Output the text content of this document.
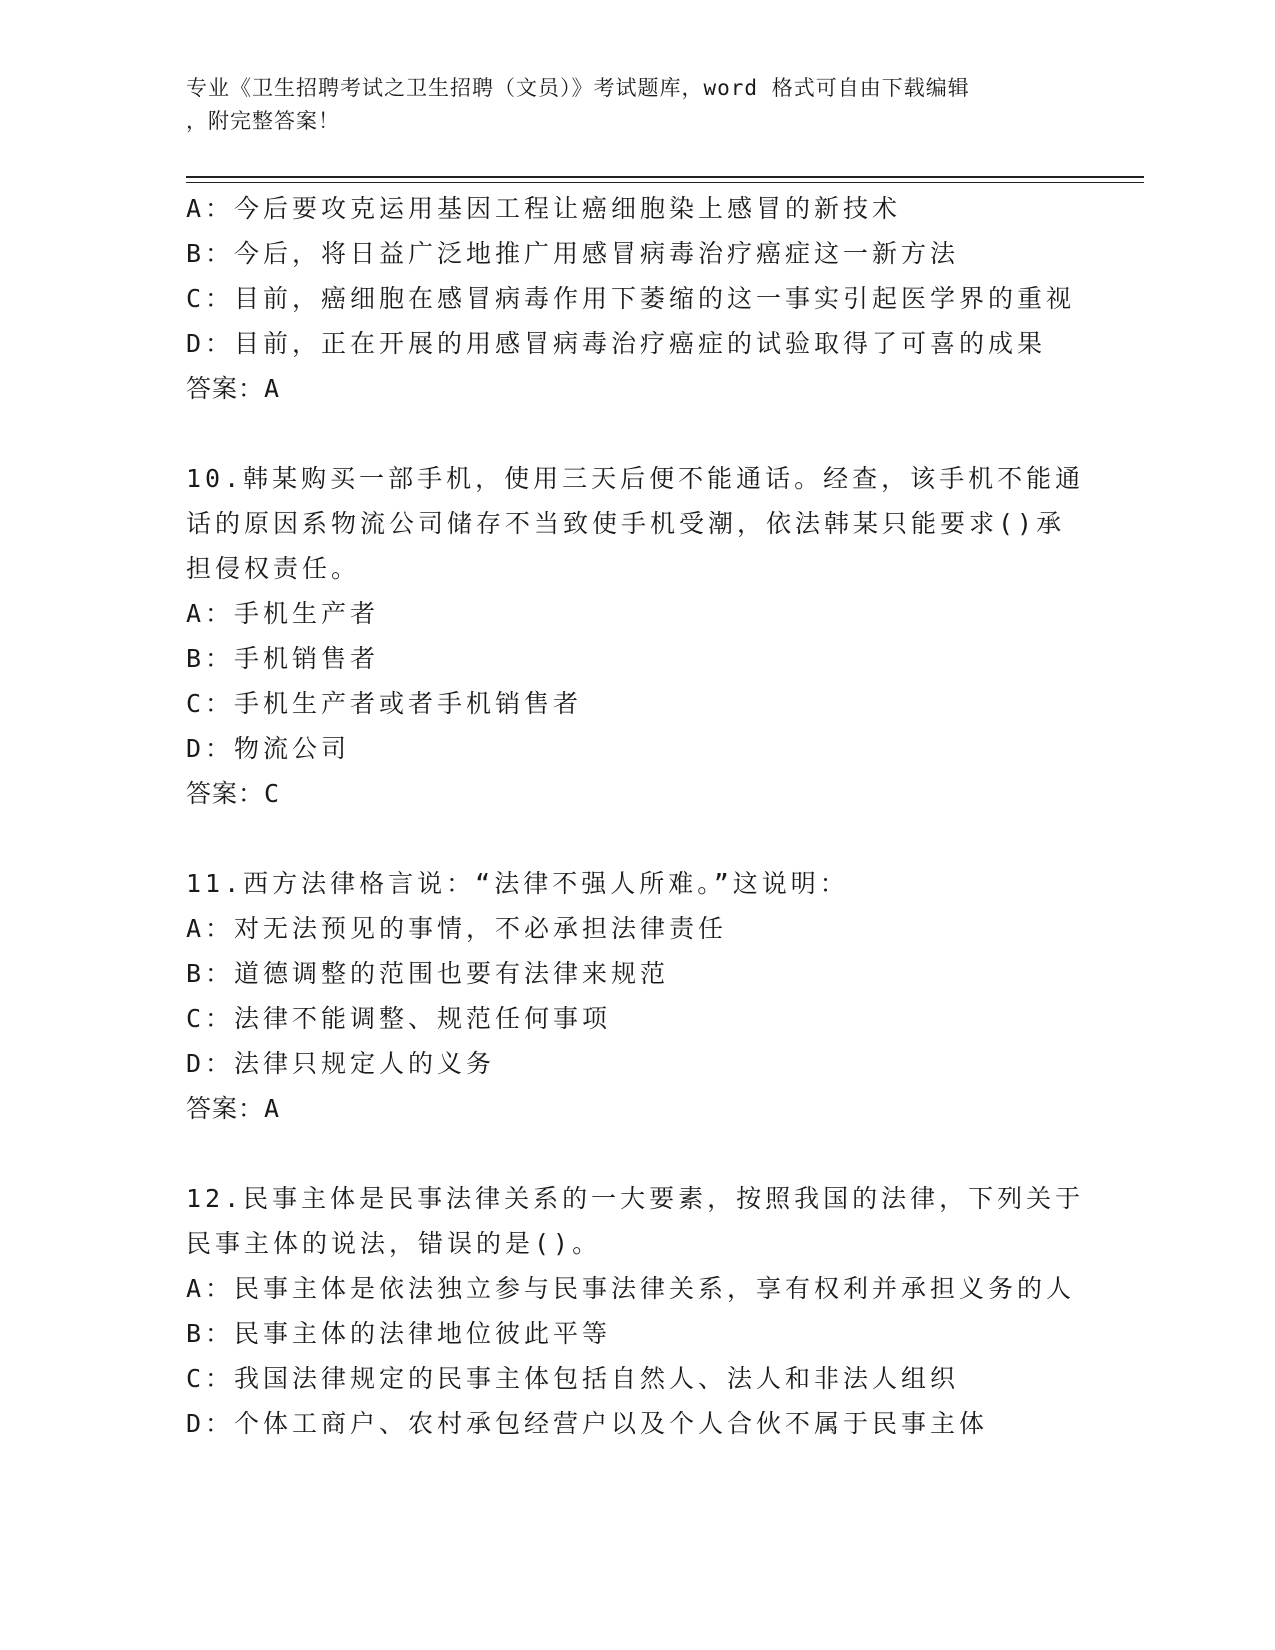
专业《卫生招聘考试之卫生招聘（文员）》考试题库，word 格式可自由下载编辑
，附完整答案！
A：今后要攻克运用基因工程让癌细胞染上感冒的新技术
B：今后，将日益广泛地推广用感冒病毒治疗癌症这一新方法
C：目前，癌细胞在感冒病毒作用下萎缩的这一事实引起医学界的重视
D：目前，正在开展的用感冒病毒治疗癌症的试验取得了可喜的成果
答案：A
10.韩某购买一部手机，使用三天后便不能通话。经查，该手机不能通
话的原因系物流公司储存不当致使手机受潮，依法韩某只能要求()承
担侵权责任。
A：手机生产者
B：手机销售者
C：手机生产者或者手机销售者
D：物流公司
答案：C
11.西方法律格言说：“法律不强人所难。”这说明：
A：对无法预见的事情，不必承担法律责任
B：道德调整的范围也要有法律来规范
C：法律不能调整、规范任何事项
D：法律只规定人的义务
答案：A
12.民事主体是民事法律关系的一大要素，按照我国的法律，下列关于
民事主体的说法，错误的是()。
A：民事主体是依法独立参与民事法律关系，享有权利并承担义务的人
B：民事主体的法律地位彼此平等
C：我国法律规定的民事主体包括自然人、法人和非法人组织
D：个体工商户、农村承包经营户以及个人合伙不属于民事主体
